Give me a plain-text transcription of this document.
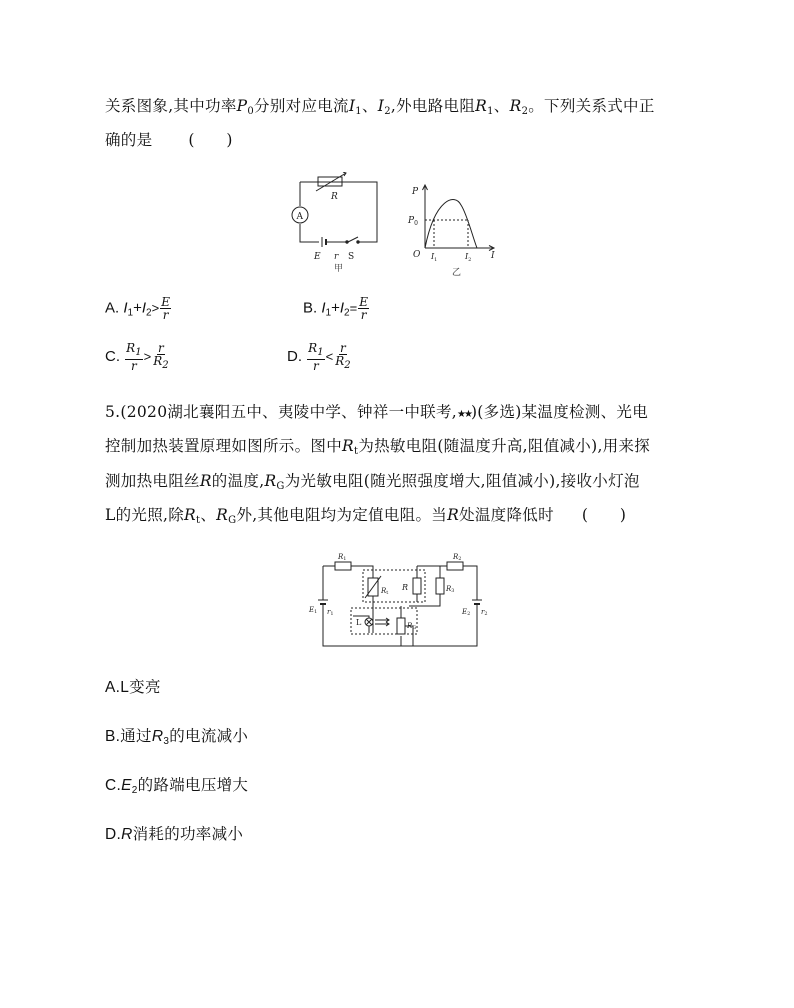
关系图象,其中功率$P_0$分别对应电流$I_1$、$I_2$,外电路电阻$R_1$、$R_2$。下列关系式中正
确的是 (　　)
A
R
E r S
甲
P
$P_0$
O $I_1$	$I_2$ I
乙
A. $I_1+I_2> \frac{E}{r}$	B. $I_1+I_2= \frac{E}{r}$
C. $\frac{R_1}{r} > \frac{r}{R_2}$	D. $\frac{R_1}{r} < \frac{r}{R_2}$
5.(2020湖北襄阳五中、夷陵中学、钟祥一中联考,★★)(多选)某温度检测、光电
控制加热装置原理如图所示。图中$R_t$为热敏电阻(随温度升高,阻值减小),用来探
测加热电阻丝R的温度$,R_G$为光敏电阻(随光照强度增大,阻值减小),接收小灯泡
L的光照,除$R_t$、$R_G$外,其他电阻均为定值电阻。当R处温度降低时 (　　)
R1	R2
R3
Rt
R
RG
E1 r1	E2 r2
L
A.L变亮
B.通过$R_3$的电流减小
$C.E_2$的路端电压增大
D.R消耗的功率减小
